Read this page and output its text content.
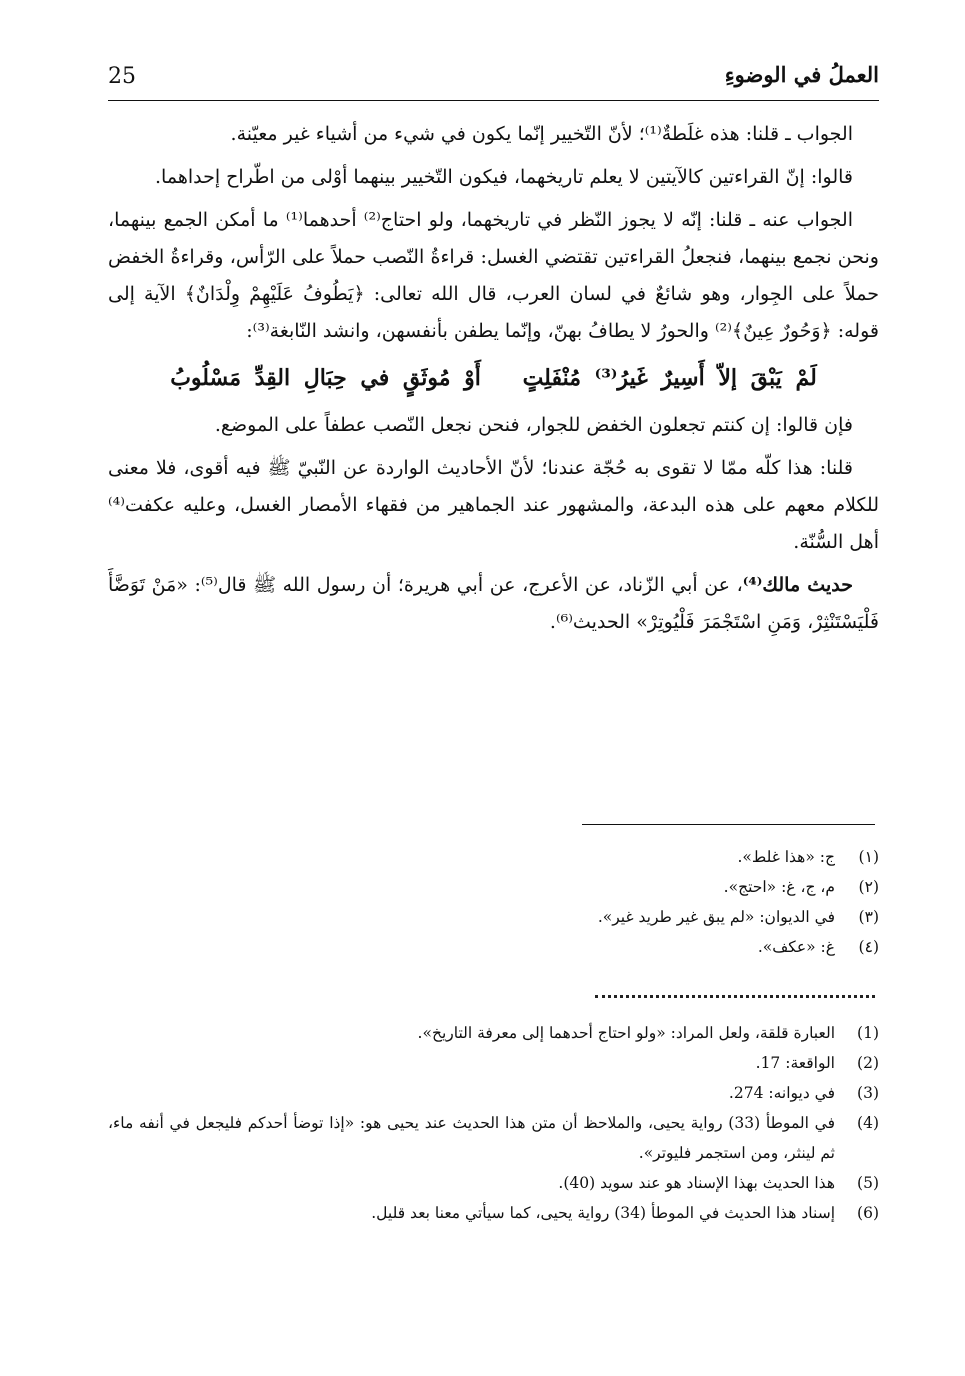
25	العملُ في الوضوءِ

الجواب ـ قلنا: هذه غلَطةٌ⁽¹⁾؛ لأنّ التّخيير إنّما يكون في شيء من أشياء غير معيّنة.

قالوا: إنّ القراءتين كالآيتين لا يعلم تاريخهما، فيكون التّخيير بينهما أوْلى من اطّراح إحداهما.

الجواب عنه ـ قلنا: إنّه لا يجوز النّظر في تاريخهما، ولو احتاج⁽²⁾ أحدهما⁽¹⁾ ما أمكن الجمع بينهما، ونحن نجمع بينهما، فنجعلُ القراءتين تقتضي الغسل: قراءةُ النّصب حملاً على الرّأس، وقراءةُ الخفض حملاً على الجِوار، وهو شائعٌ في لسان العرب، قال الله تعالى: ﴿يَطُوفُ عَلَيْهِمْ وِلْدَانٌ﴾ الآية إلى قوله: ﴿وَحُورٌ عِينٌ﴾⁽²⁾ والحورُ لا يطافُ بهنّ، وإنّما يطفن بأنفسهن، وانشد النّابغة⁽³⁾:

لَمْ يَبْقَ إلاّ أَسِيرٌ غَيرُ⁽³⁾ مُنْفَلِتٍ أَوْ مُوثَقٍ في حِبَالِ القِدِّ مَسْلُوبُ

فإن قالوا: إن كنتم تجعلون الخفض للجوار، فنحن نجعل النّصب عطفاً على الموضع.

قلنا: هذا كلّه ممّا لا تقوى به حُجّة عندنا؛ لأنّ الأحاديث الواردة عن النّبيّ ﷺ فيه أقوى، فلا معنى للكلام معهم على هذه البدعة، والمشهور عند الجماهير من فقهاء الأمصار الغسل، وعليه عكفت⁽⁴⁾ أهل السُّنّة.

حديث مالك⁽⁴⁾، عن أبي الزّناد، عن الأعرج، عن أبي هريرة؛ أن رسول الله ﷺ قال⁽⁵⁾: «مَنْ تَوَضَّأَ فَلْيَسْتَنْثِرْ، وَمَنِ اسْتَجْمَرَ فَلْيُوتِرْ» الحديث⁽⁶⁾.

(١)
ج: «هذا غلط».
(٢)
م، ج، غ: «احتج».
(٣)
في الديوان: «لم يبق غير طريد غير».
(٤)
غ: «عكف».
(1)
العبارة قلقة، ولعل المراد: «ولو احتاج أحدهما إلى معرفة التاريخ».
(2)
الواقعة: 17.
(3)
في ديوانه: 274.
(4)
في الموطأ (33) رواية يحيى، والملاحظ أن متن هذا الحديث عند يحيى هو: «إذا توضأ أحدكم فليجعل في أنفه ماء، ثم لينثر، ومن استجمر فليوتر».
(5)
هذا الحديث بهذا الإسناد هو عند سويد (40).
(6)
إسناد هذا الحديث في الموطأ (34) رواية يحيى، كما سيأتي معنا بعد قليل.
